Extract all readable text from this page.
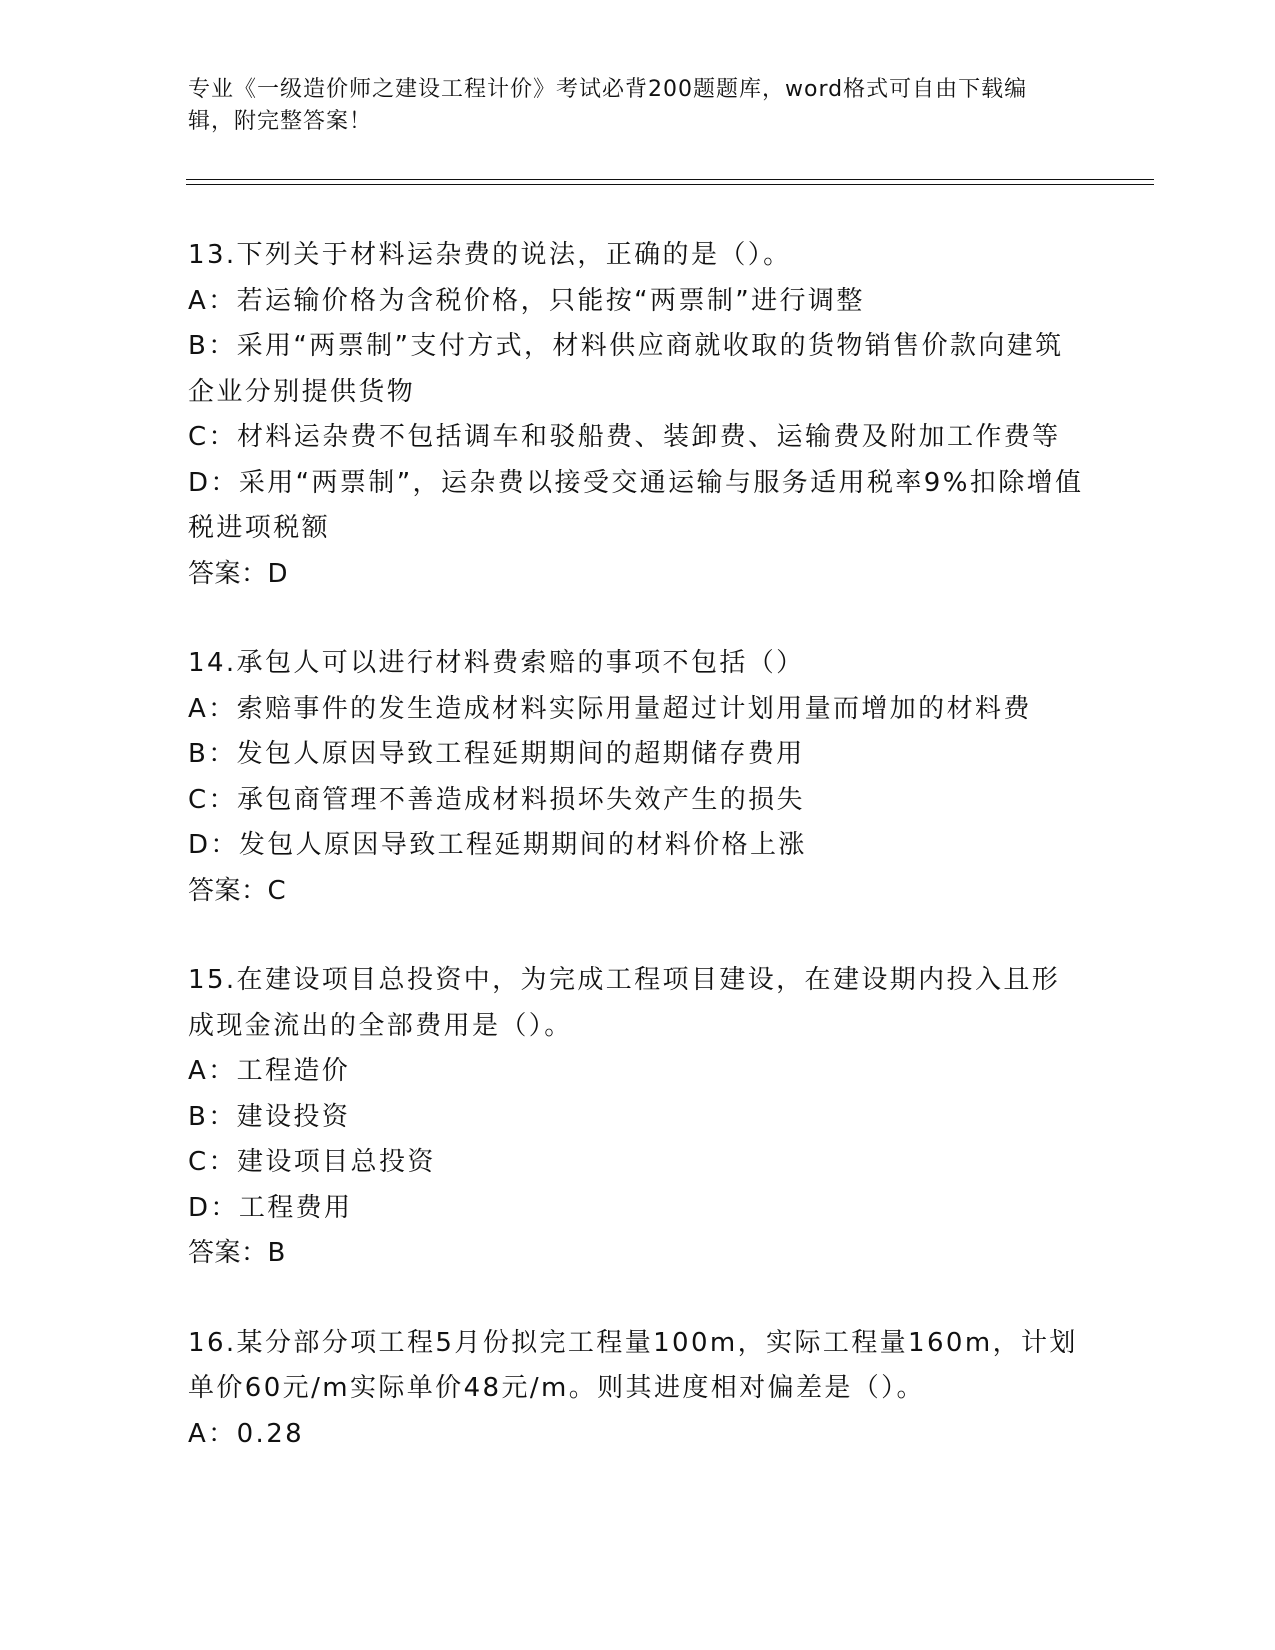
专业《一级造价师之建设工程计价》考试必背200题题库，word格式可自由下载编辑，附完整答案！
13.下列关于材料运杂费的说法，正确的是（）。
A：若运输价格为含税价格，只能按“两票制”进行调整
B：采用“两票制”支付方式，材料供应商就收取的货物销售价款向建筑企业分别提供货物
C：材料运杂费不包括调车和驳船费、装卸费、运输费及附加工作费等
D：采用“两票制”，运杂费以接受交通运输与服务适用税率9%扣除增值税进项税额
答案：D
14.承包人可以进行材料费索赔的事项不包括（）
A：索赔事件的发生造成材料实际用量超过计划用量而增加的材料费
B：发包人原因导致工程延期期间的超期储存费用
C：承包商管理不善造成材料损坏失效产生的损失
D：发包人原因导致工程延期期间的材料价格上涨
答案：C
15.在建设项目总投资中，为完成工程项目建设，在建设期内投入且形成现金流出的全部费用是（）。
A：工程造价
B：建设投资
C：建设项目总投资
D：工程费用
答案：B
16.某分部分项工程5月份拟完工程量100m，实际工程量160m，计划单价60元/m实际单价48元/m。则其进度相对偏差是（）。
A：0.28
